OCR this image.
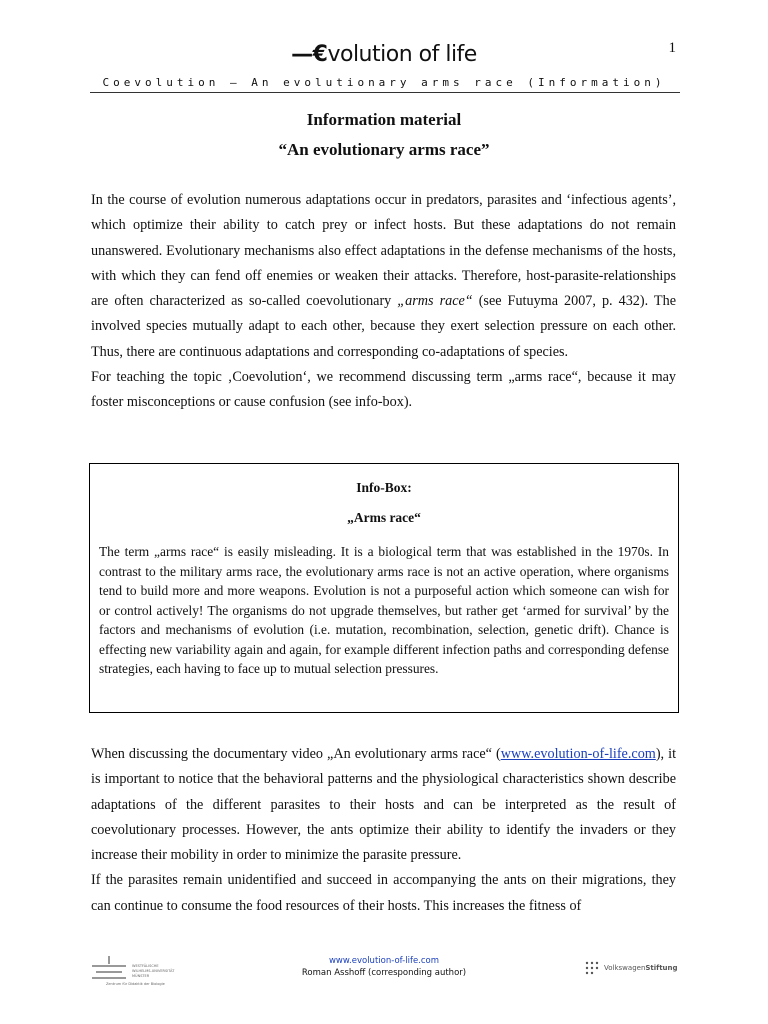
1
—€volution of life
Coevolution – An evolutionary arms race (Information)
Information material
“An evolutionary arms race”

In the course of evolution numerous adaptations occur in predators, parasites and ‘infectious agents’, which optimize their ability to catch prey or infect hosts. But these adaptations do not remain unanswered. Evolutionary mechanisms also effect adaptations in the defense mechanisms of the hosts, with which they can fend off enemies or weaken their attacks. Therefore, host-parasite-relationships are often characterized as so-called coevolutionary „arms race“ (see Futuyma 2007, p. 432). The involved species mutually adapt to each other, because they exert selection pressure on each other. Thus, there are continuous adaptations and corresponding co-adaptations of species.

For teaching the topic ‚Coevolution‘, we recommend discussing term „arms race“, because it may foster misconceptions or cause confusion (see info-box).

Info-Box:
„Arms race“

The term „arms race“ is easily misleading. It is a biological term that was established in the 1970s. In contrast to the military arms race, the evolutionary arms race is not an active operation, where organisms tend to build more and more weapons. Evolution is not a purposeful action which someone can wish for or control actively! The organisms do not upgrade themselves, but rather get ‘armed for survival’ by the factors and mechanisms of evolution (i.e. mutation, recombination, selection, genetic drift). Chance is effecting new variability again and again, for example different infection paths and corresponding defense strategies, each having to face up to mutual selection pressures.

When discussing the documentary video „An evolutionary arms race“ (www.evolution-of-life.com), it is important to notice that the behavioral patterns and the physiological characteristics shown describe adaptations of the different parasites to their hosts and can be interpreted as the result of coevolutionary processes. However, the ants optimize their ability to identify the invaders or they increase their mobility in order to minimize the parasite pressure.

If the parasites remain unidentified and succeed in accompanying the ants on their migrations, they can continue to consume the food resources of their hosts. This increases the fitness of

WESTFÄLISCHE
WILHELMS-UNIVERSITÄT
MÜNSTER
Zentrum für Didaktik der Biologie
www.evolution-of-life.com
Roman Asshoff (corresponding author)	VolkswagenStiftung
